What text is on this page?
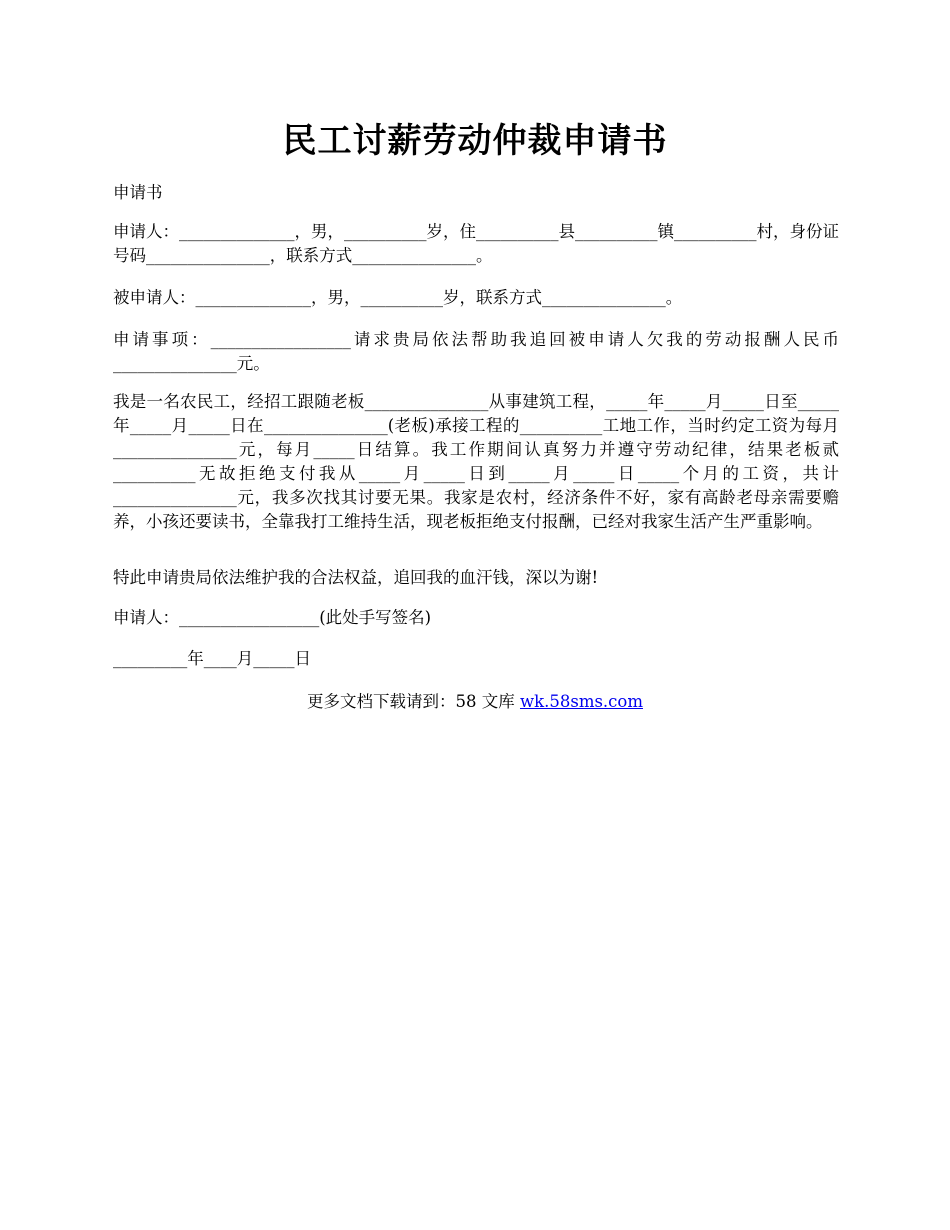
民工讨薪劳动仲裁申请书

申请书

申请人：______________，男，__________岁，住__________县__________镇__________村，身份证号码_______________，联系方式_______________。

被申请人：______________，男，__________岁，联系方式_______________。

申请事项：_________________请求贵局依法帮助我追回被申请人欠我的劳动报酬人民币_______________元。

我是一名农民工，经招工跟随老板_______________从事建筑工程，_____年_____月_____日至_____年_____月_____日在_______________(老板)承接工程的__________工地工作，当时约定工资为每月_______________元，每月_____日结算。我工作期间认真努力并遵守劳动纪律，结果老板贰__________无故拒绝支付我从_____月_____日到_____月_____日_____个月的工资，共计_______________元，我多次找其讨要无果。我家是农村，经济条件不好，家有高龄老母亲需要赡养，小孩还要读书，全靠我打工维持生活，现老板拒绝支付报酬，已经对我家生活产生严重影响。

特此申请贵局依法维护我的合法权益，追回我的血汗钱，深以为谢!

申请人：_________________(此处手写签名)

_________年____月_____日

更多文档下载请到：58 文库 wk.58sms.com
